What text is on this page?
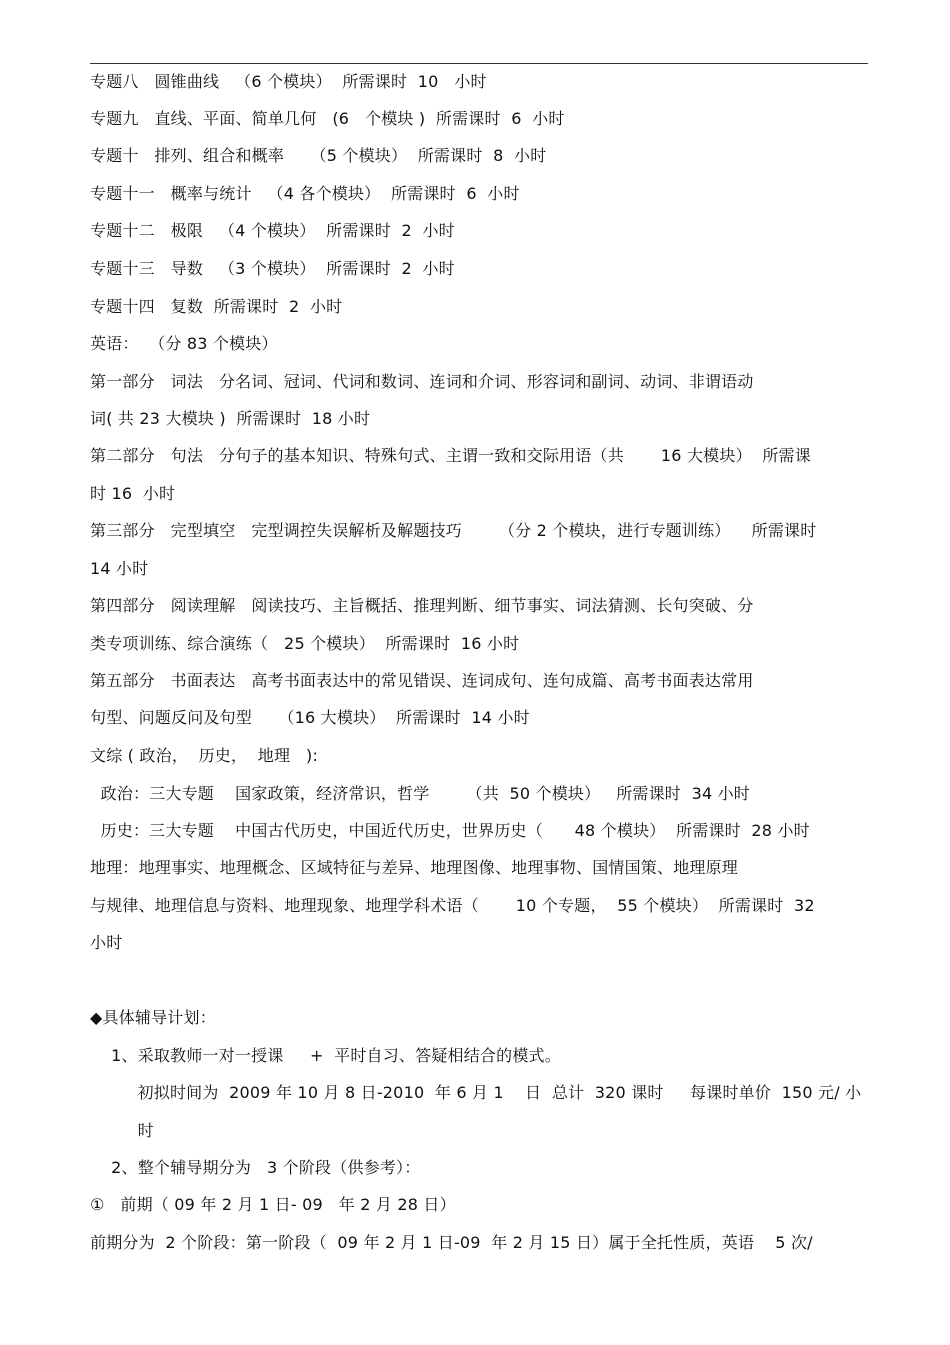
专题八   圆锥曲线   （6 个模块）  所需课时  10   小时
专题九   直线、平面、简单几何   (6   个模块 )  所需课时  6  小时
专题十   排列、组合和概率     （5 个模块）  所需课时  8  小时
专题十一   概率与统计   （4 各个模块）  所需课时  6  小时
专题十二   极限   （4 个模块）  所需课时  2  小时
专题十三   导数   （3 个模块）  所需课时  2  小时
专题十四   复数  所需课时  2  小时
英语：  （分 83 个模块）
第一部分   词法   分名词、冠词、代词和数词、连词和介词、形容词和副词、动词、非谓语动
词( 共 23 大模块 )  所需课时  18 小时
第二部分   句法   分句子的基本知识、特殊句式、主谓一致和交际用语（共       16 大模块）  所需课
时 16  小时
第三部分   完型填空   完型调控失误解析及解题技巧       （分 2 个模块，进行专题训练）    所需课时
14 小时
第四部分   阅读理解   阅读技巧、主旨概括、推理判断、细节事实、词法猜测、长句突破、分
类专项训练、综合演练（   25 个模块）  所需课时  16 小时
第五部分   书面表达   高考书面表达中的常见错误、连词成句、连句成篇、高考书面表达常用
句型、问题反问及句型     （16 大模块）  所需课时  14 小时
文综 ( 政治，  历史，  地理   ):
政治：三大专题    国家政策，经济常识，哲学       （共  50 个模块）   所需课时  34 小时
历史：三大专题    中国古代历史，中国近代历史，世界历史（      48 个模块）  所需课时  28 小时
地理：地理事实、地理概念、区域特征与差异、地理图像、地理事物、国情国策、地理原理
与规律、地理信息与资料、地理现象、地理学科术语（       10 个专题，  55 个模块）  所需课时  32
小时
◆具体辅导计划：
1、采取教师一对一授课     +  平时自习、答疑相结合的模式。
初拟时间为  2009 年 10 月 8 日-2010  年 6 月 1    日  总计  320 课时     每课时单价  150 元/ 小
时
2、整个辅导期分为   3 个阶段（供参考）：
①   前期（ 09 年 2 月 1 日- 09   年 2 月 28 日）
前期分为  2 个阶段：第一阶段（  09 年 2 月 1 日-09  年 2 月 15 日）属于全托性质，英语    5 次/
